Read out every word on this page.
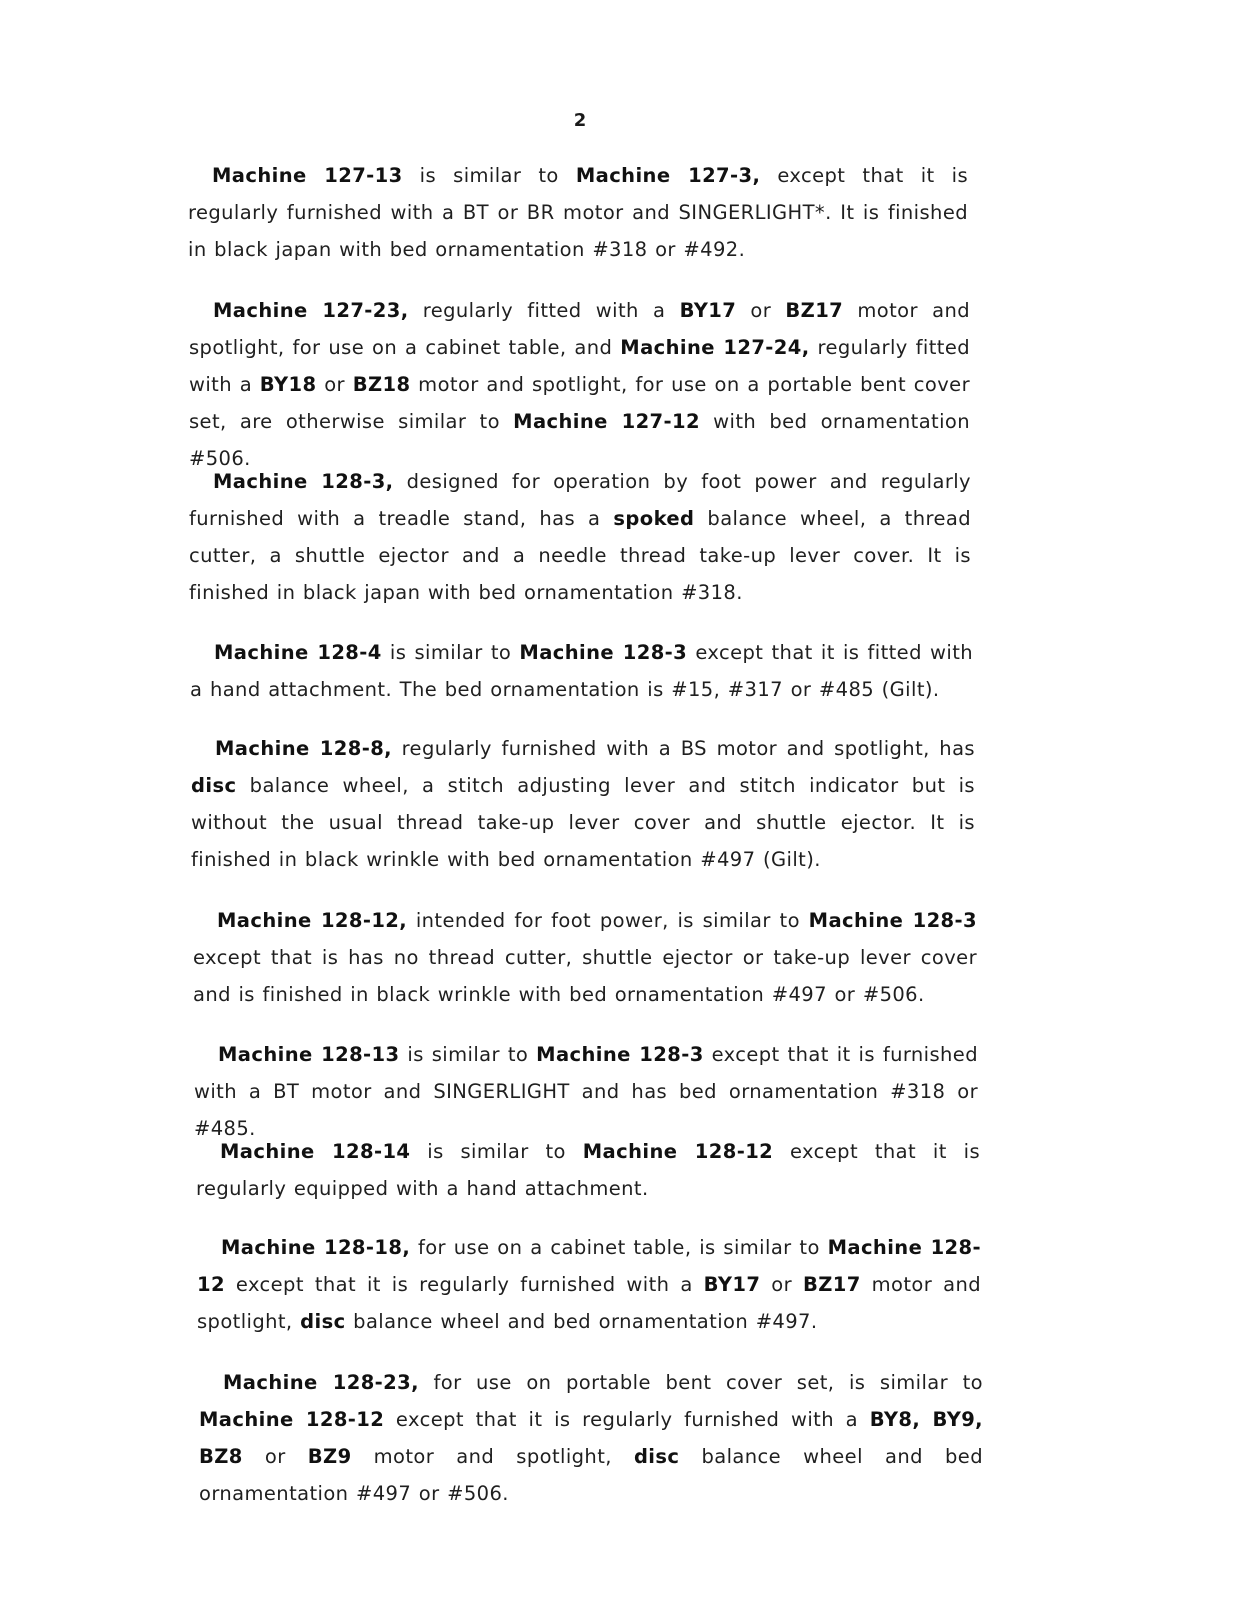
2

Machine 127-13 is similar to Machine 127-3, except that it is regularly furnished with a BT or BR motor and SINGERLIGHT*. It is finished in black japan with bed ornamentation #318 or #492.

Machine 127-23, regularly fitted with a BY17 or BZ17 motor and spotlight, for use on a cabinet table, and Machine 127-24, regularly fitted with a BY18 or BZ18 motor and spotlight, for use on a portable bent cover set, are otherwise similar to Machine 127-12 with bed ornamentation #506.

Machine 128-3, designed for operation by foot power and regularly furnished with a treadle stand, has a spoked balance wheel, a thread cutter, a shuttle ejector and a needle thread take-up lever cover. It is finished in black japan with bed ornamentation #318.

Machine 128-4 is similar to Machine 128-3 except that it is fitted with a hand attachment. The bed ornamentation is #15, #317 or #485 (Gilt).

Machine 128-8, regularly furnished with a BS motor and spotlight, has disc balance wheel, a stitch adjusting lever and stitch indicator but is without the usual thread take-up lever cover and shuttle ejector. It is finished in black wrinkle with bed ornamentation #497 (Gilt).

Machine 128-12, intended for foot power, is similar to Machine 128-3 except that is has no thread cutter, shuttle ejector or take-up lever cover and is finished in black wrinkle with bed ornamentation #497 or #506.

Machine 128-13 is similar to Machine 128-3 except that it is furnished with a BT motor and SINGERLIGHT and has bed ornamentation #318 or #485.

Machine 128-14 is similar to Machine 128-12 except that it is regularly equipped with a hand attachment.

Machine 128-18, for use on a cabinet table, is similar to Machine 128-12 except that it is regularly furnished with a BY17 or BZ17 motor and spotlight, disc balance wheel and bed ornamentation #497.

Machine 128-23, for use on portable bent cover set, is similar to Machine 128-12 except that it is regularly furnished with a BY8, BY9, BZ8 or BZ9 motor and spotlight, disc balance wheel and bed ornamentation #497 or #506.
